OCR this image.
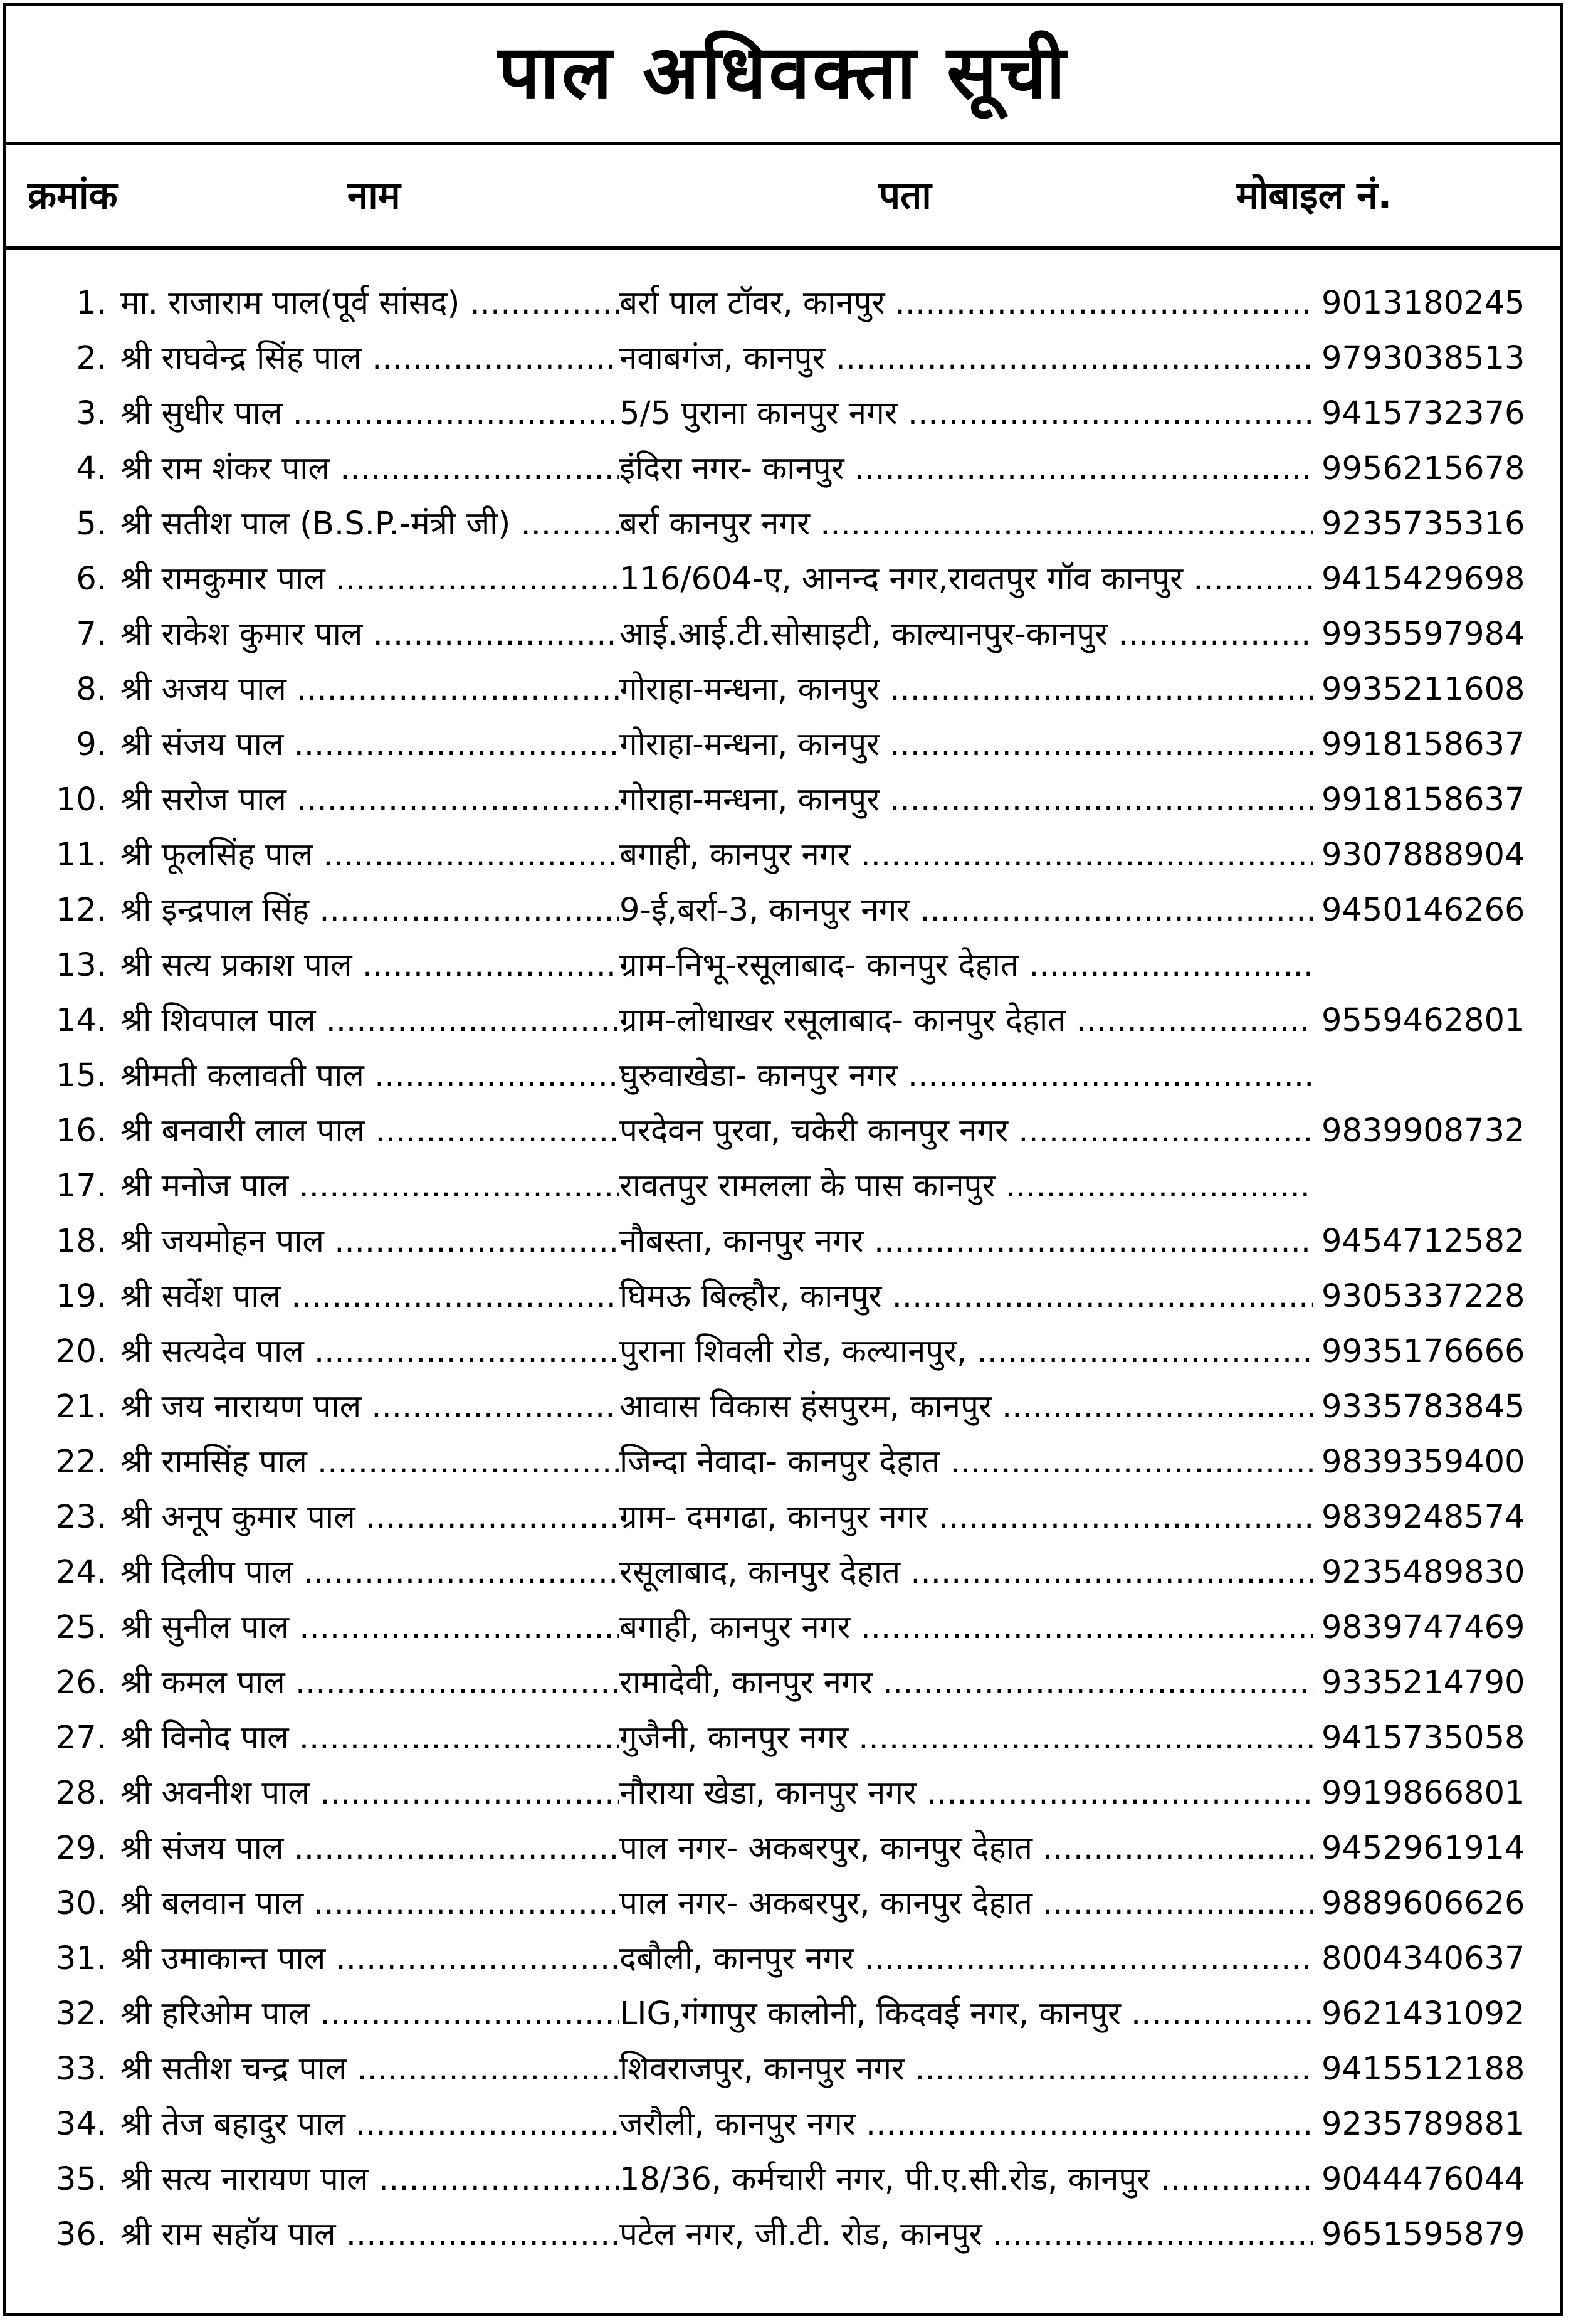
पाल अधिवक्ता सूची
क्रमांक	नाम	पता	मोबाइल नं.
1. मा. राजाराम पाल(पूर्व सांसद) .....	बर्रा पाल टॉवर, कानपुर .....	9013180245
2. श्री राघवेन्द्र सिंह पाल .....	नवाबगंज, कानपुर .....	9793038513
3. श्री सुधीर पाल .....	5/5 पुराना कानपुर नगर .....	9415732376
4. श्री राम शंकर पाल .....	इंदिरा नगर- कानपुर .....	9956215678
5. श्री सतीश पाल (B.S.P.-मंत्री जी) .....	बर्रा कानपुर नगर .....	9235735316
6. श्री रामकुमार पाल .....	116/604-ए, आनन्द नगर,रावतपुर गॉव कानपुर .....	9415429698
7. श्री राकेश कुमार पाल .....	आई.आई.टी.सोसाइटी, काल्यानपुर-कानपुर .....	9935597984
8. श्री अजय पाल .....	गोराहा-मन्धना, कानपुर .....	9935211608
9. श्री संजय पाल .....	गोराहा-मन्धना, कानपुर .....	9918158637
10. श्री सरोज पाल .....	गोराहा-मन्धना, कानपुर .....	9918158637
11. श्री फूलसिंह पाल .....	बगाही, कानपुर नगर .....	9307888904
12. श्री इन्द्रपाल सिंह .....	9-ई,बर्रा-3, कानपुर नगर .....	9450146266
13. श्री सत्य प्रकाश पाल .....	ग्राम-निभू-रसूलाबाद- कानपुर देहात .....
14. श्री शिवपाल पाल .....	ग्राम-लोधाखर रसूलाबाद- कानपुर देहात .....	9559462801
15. श्रीमती कलावती पाल .....	घुरुवाखेडा- कानपुर नगर .....
16. श्री बनवारी लाल पाल .....	परदेवन पुरवा, चकेरी कानपुर नगर .....	9839908732
17. श्री मनोज पाल .....	रावतपुर रामलला के पास कानपुर .....
18. श्री जयमोहन पाल .....	नौबस्ता, कानपुर नगर .....	9454712582
19. श्री सर्वेश पाल .....	घिमऊ बिल्हौर, कानपुर .....	9305337228
20. श्री सत्यदेव पाल .....	पुराना शिवली रोड, कल्यानपुर, .....	9935176666
21. श्री जय नारायण पाल .....	आवास विकास हंसपुरम, कानपुर .....	9335783845
22. श्री रामसिंह पाल .....	जिन्दा नेवादा- कानपुर देहात .....	9839359400
23. श्री अनूप कुमार पाल .....	ग्राम- दमगढा, कानपुर नगर .....	9839248574
24. श्री दिलीप पाल .....	रसूलाबाद, कानपुर देहात .....	9235489830
25. श्री सुनील पाल .....	बगाही, कानपुर नगर .....	9839747469
26. श्री कमल पाल .....	रामादेवी, कानपुर नगर .....	9335214790
27. श्री विनोद पाल .....	गुजैनी, कानपुर नगर .....	9415735058
28. श्री अवनीश पाल .....	नौराया खेडा, कानपुर नगर .....	9919866801
29. श्री संजय पाल .....	पाल नगर- अकबरपुर, कानपुर देहात .....	9452961914
30. श्री बलवान पाल .....	पाल नगर- अकबरपुर, कानपुर देहात .....	9889606626
31. श्री उमाकान्त पाल .....	दबौली, कानपुर नगर .....	8004340637
32. श्री हरिओम पाल .....	LIG,गंगापुर कालोनी, किदवई नगर, कानपुर .....	9621431092
33. श्री सतीश चन्द्र पाल .....	शिवराजपुर, कानपुर नगर .....	9415512188
34. श्री तेज बहादुर पाल .....	जरौली, कानपुर नगर .....	9235789881
35. श्री सत्य नारायण पाल .....	18/36, कर्मचारी नगर, पी.ए.सी.रोड, कानपुर .....	9044476044
36. श्री राम सहॉय पाल .....	पटेल नगर, जी.टी. रोड, कानपुर .....	9651595879
